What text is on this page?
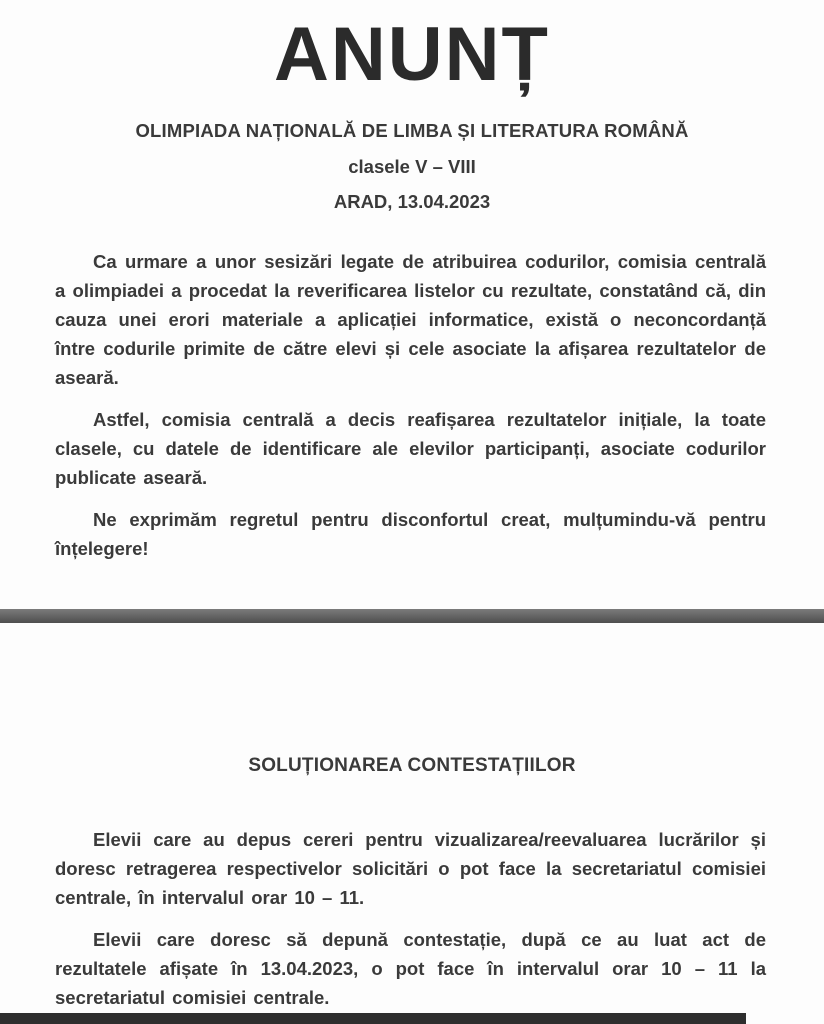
ANUNȚ

OLIMPIADA NAȚIONALĂ DE LIMBA ȘI LITERATURA ROMÂNĂ

clasele V – VIII

ARAD, 13.04.2023

Ca urmare a unor sesizări legate de atribuirea codurilor, comisia centrală a olimpiadei a procedat la reverificarea listelor cu rezultate, constatând că, din cauza unei erori materiale a aplicației informatice, există o neconcordanță între codurile primite de către elevi și cele asociate la afișarea rezultatelor de aseară.

Astfel, comisia centrală a decis reafișarea rezultatelor inițiale, la toate clasele, cu datele de identificare ale elevilor participanți, asociate codurilor publicate aseară.

Ne exprimăm regretul pentru disconfortul creat, mulțumindu-vă pentru înțelegere!

SOLUȚIONAREA CONTESTAȚIILOR

Elevii care au depus cereri pentru vizualizarea/reevaluarea lucrărilor și doresc retragerea respectivelor solicitări o pot face la secretariatul comisiei centrale, în intervalul orar 10 – 11.

Elevii care doresc să depună contestație, după ce au luat act de rezultatele afișate în 13.04.2023, o pot face în intervalul orar 10 – 11 la secretariatul comisiei centrale.
